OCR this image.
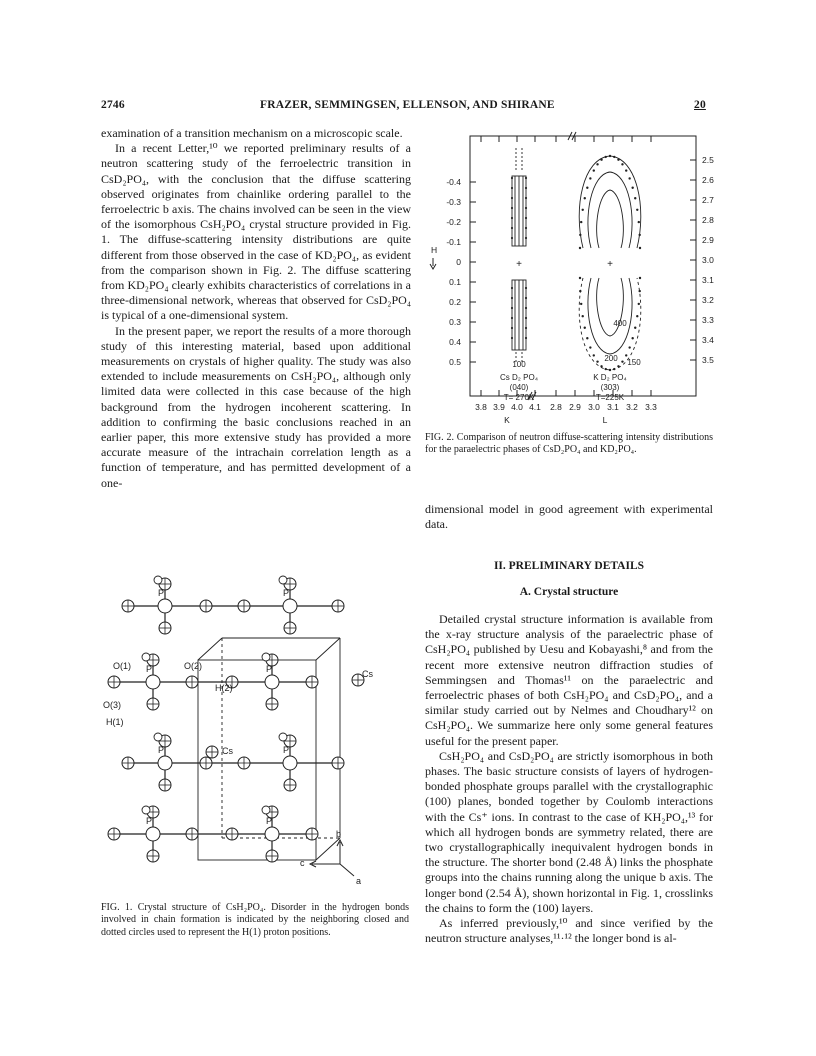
2746	FRAZER, SEMMINGSEN, ELLENSON, AND SHIRANE	20

examination of a transition mechanism on a microscopic scale.

In a recent Letter,¹⁰ we reported preliminary results of a neutron scattering study of the ferroelectric transition in CsD₂PO₄, with the conclusion that the diffuse scattering observed originates from chainlike ordering parallel to the ferroelectric b axis. The chains involved can be seen in the view of the isomorphous CsH₂PO₄ crystal structure provided in Fig. 1. The diffuse-scattering intensity distributions are quite different from those observed in the case of KD₂PO₄, as evident from the comparison shown in Fig. 2. The diffuse scattering from KD₂PO₄ clearly exhibits characteristics of correlations in a three-dimensional network, whereas that observed for CsD₂PO₄ is typical of a one-dimensional system.

In the present paper, we report the results of a more thorough study of this interesting material, based upon additional measurements on crystals of higher quality. The study was also extended to include measurements on CsH₂PO₄, although only limited data were collected in this case because of the high background from the hydrogen incoherent scattering. In addition to confirming the basic conclusions reached in an earlier paper, this more extensive study has provided a more accurate measure of the intrachain correlation length as a function of temperature, and has permitted development of a one-

-0.4
-0.3
-0.2
-0.1
0
0.1
0.2
0.3
0.4
0.5
H
2.5
2.6
2.7
2.8
2.9
3.0
3.1
3.2
3.3
3.4
3.5
3.8 3.9 4.0 4.1 2.8 2.9 3.0 3.1 3.2 3.3
K	L
100
Cs D₂ PO₄
(040)
T= 270K
400
200 150
K D₂ PO₄
(303)
T=225K
+	+

FIG. 2. Comparison of neutron diffuse-scattering intensity distributions for the paraelectric phases of CsD₂PO₄ and KD₂PO₄.

dimensional model in good agreement with experimental data.

P	P
P	P
P	P
P	P
O(1)	O(2)
O(3)
H(1)
H(2)
Cs
Cs
b
c
a

FIG. 1. Crystal structure of CsH₂PO₄. Disorder in the hydrogen bonds involved in chain formation is indicated by the neighboring closed and dotted circles used to represent the H(1) proton positions.

II. PRELIMINARY DETAILS
A. Crystal structure

Detailed crystal structure information is available from the x-ray structure analysis of the paraelectric phase of CsH₂PO₄ published by Uesu and Kobayashi,⁸ and from the recent more extensive neutron diffraction studies of Semmingsen and Thomas¹¹ on the paraelectric and ferroelectric phases of both CsH₂PO₄ and CsD₂PO₄, and a similar study carried out by Nelmes and Choudhary¹² on CsH₂PO₄. We summarize here only some general features useful for the present paper.

CsH₂PO₄ and CsD₂PO₄ are strictly isomorphous in both phases. The basic structure consists of layers of hydrogen-bonded phosphate groups parallel with the crystallographic (100) planes, bonded together by Coulomb interactions with the Cs⁺ ions. In contrast to the case of KH₂PO₄,¹³ for which all hydrogen bonds are symmetry related, there are two crystallographically inequivalent hydrogen bonds in the structure. The shorter bond (2.48 Å) links the phosphate groups into the chains running along the unique b axis. The longer bond (2.54 Å), shown horizontal in Fig. 1, crosslinks the chains to form the (100) layers.

As inferred previously,¹⁰ and since verified by the neutron structure analyses,¹¹·¹² the longer bond is al-
